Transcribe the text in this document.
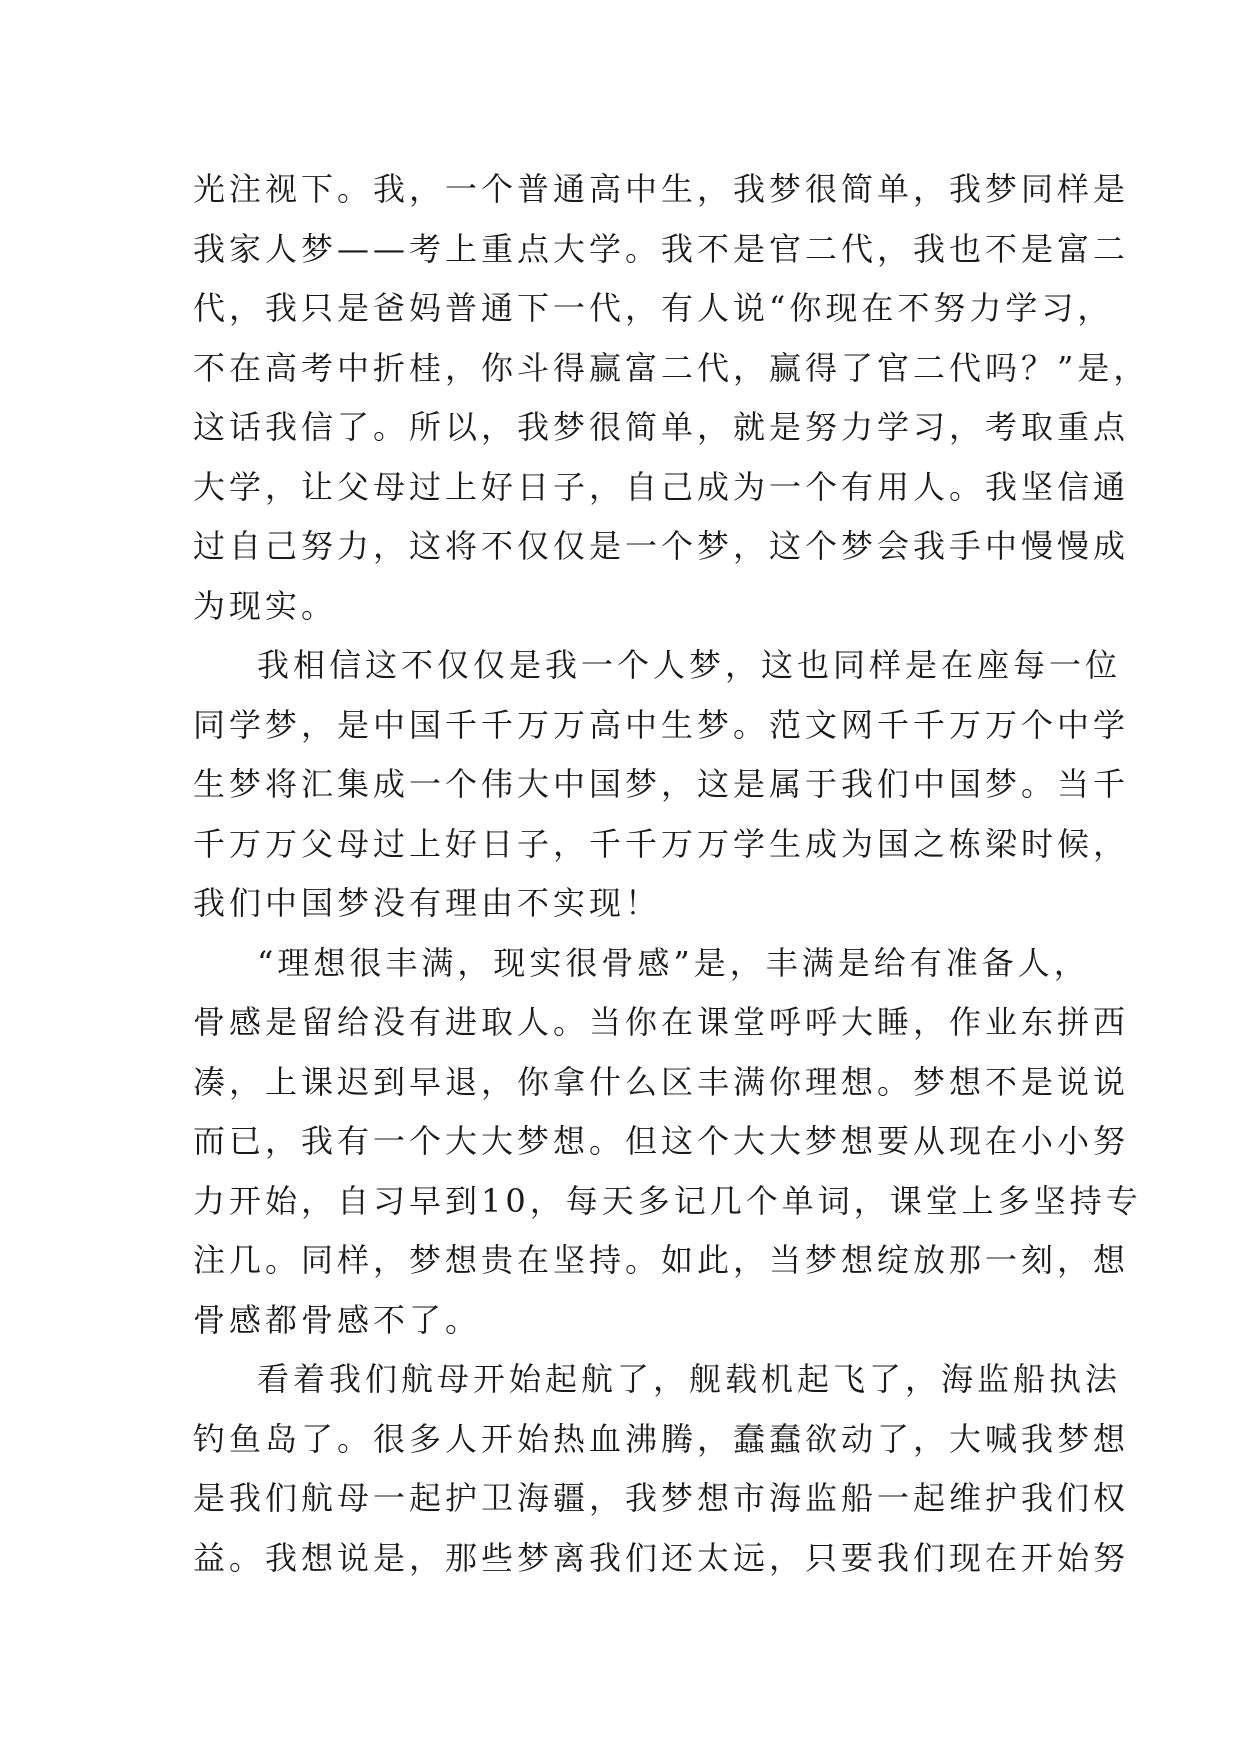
光注视下。我，一个普通高中生，我梦很简单，我梦同样是
我家人梦——考上重点大学。我不是官二代，我也不是富二
代，我只是爸妈普通下一代，有人说“你现在不努力学习，
不在高考中折桂，你斗得赢富二代，赢得了官二代吗？”是，
这话我信了。所以，我梦很简单，就是努力学习，考取重点
大学，让父母过上好日子，自己成为一个有用人。我坚信通
过自己努力，这将不仅仅是一个梦，这个梦会我手中慢慢成
为现实。
我相信这不仅仅是我一个人梦，这也同样是在座每一位
同学梦，是中国千千万万高中生梦。范文网千千万万个中学
生梦将汇集成一个伟大中国梦，这是属于我们中国梦。当千
千万万父母过上好日子，千千万万学生成为国之栋梁时候，
我们中国梦没有理由不实现！
“理想很丰满，现实很骨感”是，丰满是给有准备人，
骨感是留给没有进取人。当你在课堂呼呼大睡，作业东拼西
凑，上课迟到早退，你拿什么区丰满你理想。梦想不是说说
而已，我有一个大大梦想。但这个大大梦想要从现在小小努
力开始，自习早到10，每天多记几个单词，课堂上多坚持专
注几。同样，梦想贵在坚持。如此，当梦想绽放那一刻，想
骨感都骨感不了。
看着我们航母开始起航了，舰载机起飞了，海监船执法
钓鱼岛了。很多人开始热血沸腾，蠢蠢欲动了，大喊我梦想
是我们航母一起护卫海疆，我梦想市海监船一起维护我们权
益。我想说是，那些梦离我们还太远，只要我们现在开始努
